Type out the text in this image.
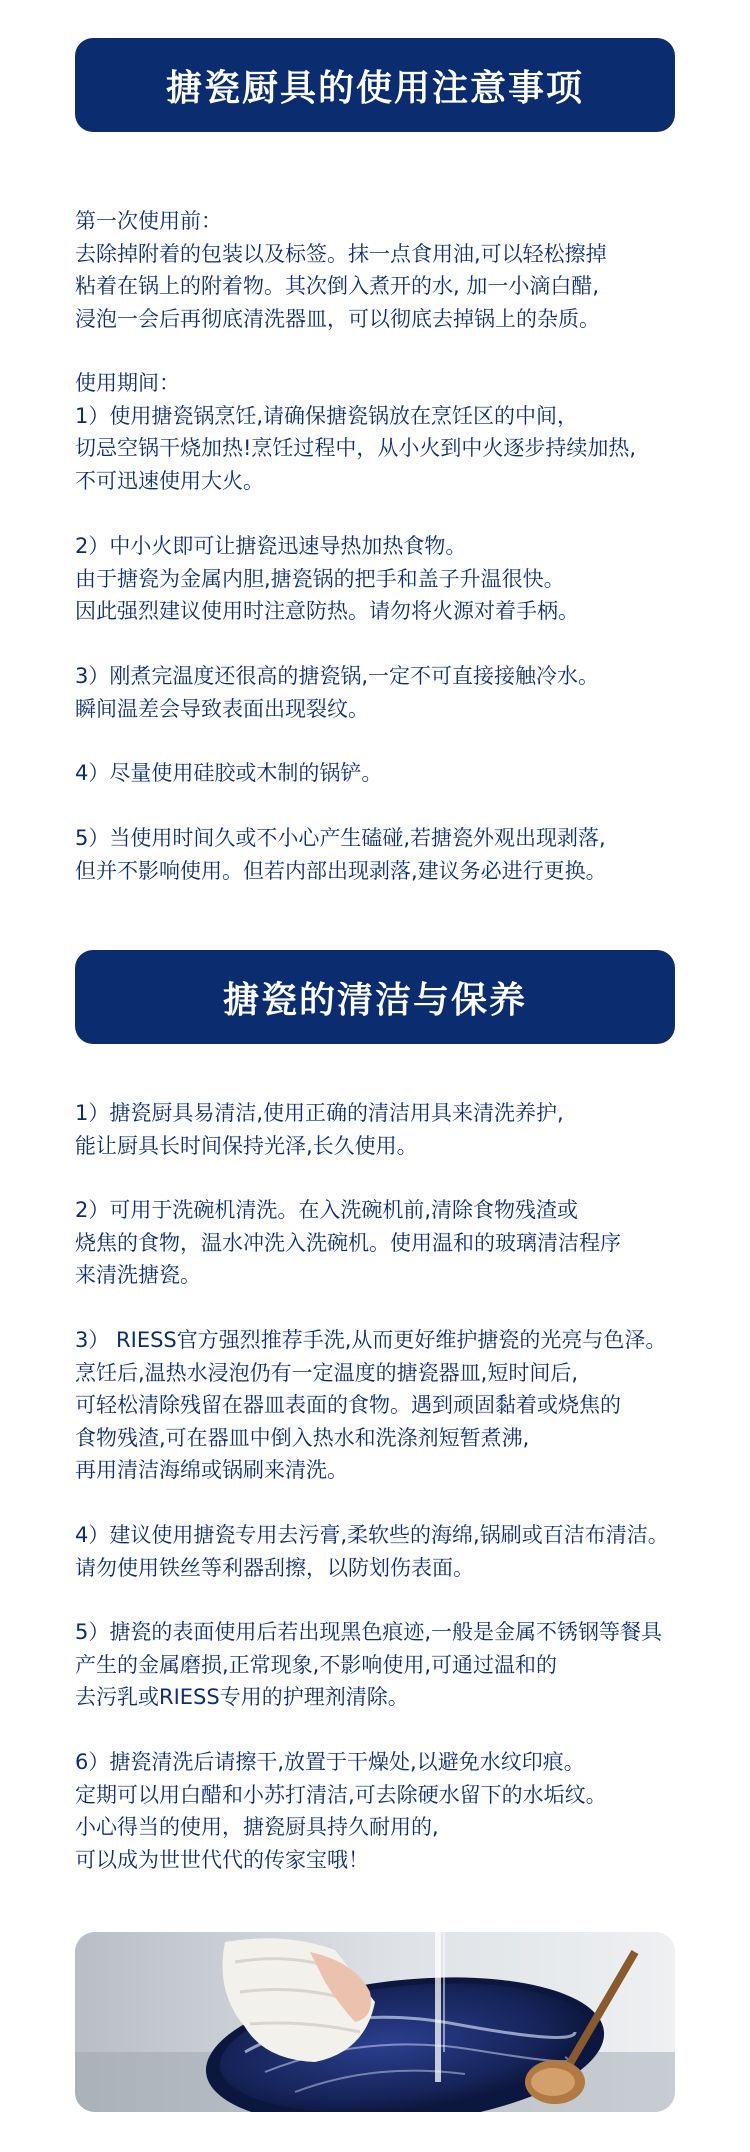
搪瓷厨具的使用注意事项
第一次使用前：
去除掉附着的包装以及标签。抹一点食用油,可以轻松擦掉
粘着在锅上的附着物。其次倒入煮开的水, 加一小滴白醋,
浸泡一会后再彻底清洗器皿，可以彻底去掉锅上的杂质。
使用期间：
1）使用搪瓷锅烹饪,请确保搪瓷锅放在烹饪区的中间，
切忌空锅干烧加热!烹饪过程中，从小火到中火逐步持续加热,
不可迅速使用大火。
2）中小火即可让搪瓷迅速导热加热食物。
由于搪瓷为金属内胆,搪瓷锅的把手和盖子升温很快。
因此强烈建议使用时注意防热。请勿将火源对着手柄。
3）刚煮完温度还很高的搪瓷锅,一定不可直接接触冷水。
瞬间温差会导致表面出现裂纹。
4）尽量使用硅胶或木制的锅铲。
5）当使用时间久或不小心产生磕碰,若搪瓷外观出现剥落,
但并不影响使用。但若内部出现剥落,建议务必进行更换。
搪瓷的清洁与保养
1）搪瓷厨具易清洁,使用正确的清洁用具来清洗养护,
能让厨具长时间保持光泽,长久使用。
2）可用于洗碗机清洗。在入洗碗机前,清除食物残渣或
烧焦的食物，温水冲洗入洗碗机。使用温和的玻璃清洁程序
来清洗搪瓷。
3） RIESS官方强烈推荐手洗,从而更好维护搪瓷的光亮与色泽。
烹饪后,温热水浸泡仍有一定温度的搪瓷器皿,短时间后,
可轻松清除残留在器皿表面的食物。遇到顽固黏着或烧焦的
食物残渣,可在器皿中倒入热水和洗涤剂短暂煮沸,
再用清洁海绵或锅刷来清洗。
4）建议使用搪瓷专用去污膏,柔软些的海绵,锅刷或百洁布清洁。
请勿使用铁丝等利器刮擦，以防划伤表面。
5）搪瓷的表面使用后若出现黑色痕迹,一般是金属不锈钢等餐具
产生的金属磨损,正常现象,不影响使用,可通过温和的
去污乳或RIESS专用的护理剂清除。
6）搪瓷清洗后请擦干,放置于干燥处,以避免水纹印痕。
定期可以用白醋和小苏打清洁,可去除硬水留下的水垢纹。
小心得当的使用，搪瓷厨具持久耐用的,
可以成为世世代代的传家宝哦！
